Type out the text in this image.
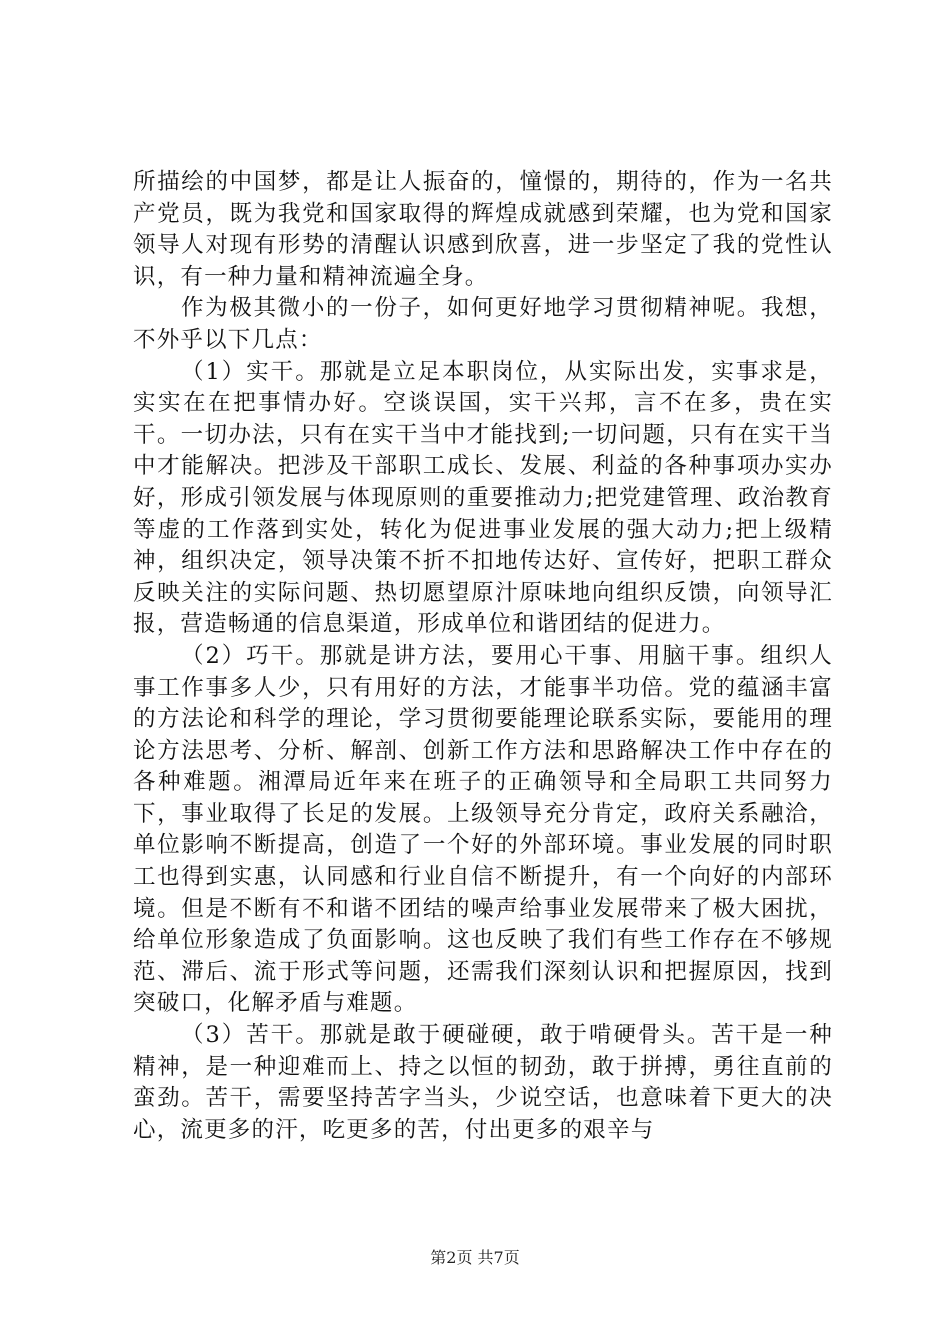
所描绘的中国梦，都是让人振奋的，憧憬的，期待的，作为一名共产党员，既为我党和国家取得的辉煌成就感到荣耀，也为党和国家领导人对现有形势的清醒认识感到欣喜，进一步坚定了我的党性认识，有一种力量和精神流遍全身。

作为极其微小的一份子，如何更好地学习贯彻精神呢。我想，不外乎以下几点：

（1）实干。那就是立足本职岗位，从实际出发，实事求是，实实在在把事情办好。空谈误国，实干兴邦，言不在多，贵在实干。一切办法，只有在实干当中才能找到;一切问题，只有在实干当中才能解决。把涉及干部职工成长、发展、利益的各种事项办实办好，形成引领发展与体现原则的重要推动力;把党建管理、政治教育等虚的工作落到实处，转化为促进事业发展的强大动力;把上级精神，组织决定，领导决策不折不扣地传达好、宣传好，把职工群众反映关注的实际问题、热切愿望原汁原味地向组织反馈，向领导汇报，营造畅通的信息渠道，形成单位和谐团结的促进力。

（2）巧干。那就是讲方法，要用心干事、用脑干事。组织人事工作事多人少，只有用好的方法，才能事半功倍。党的蕴涵丰富的方法论和科学的理论，学习贯彻要能理论联系实际，要能用的理论方法思考、分析、解剖、创新工作方法和思路解决工作中存在的各种难题。湘潭局近年来在班子的正确领导和全局职工共同努力下，事业取得了长足的发展。上级领导充分肯定，政府关系融洽，单位影响不断提高，创造了一个好的外部环境。事业发展的同时职工也得到实惠，认同感和行业自信不断提升，有一个向好的内部环境。但是不断有不和谐不团结的噪声给事业发展带来了极大困扰，给单位形象造成了负面影响。这也反映了我们有些工作存在不够规范、滞后、流于形式等问题，还需我们深刻认识和把握原因，找到突破口，化解矛盾与难题。

（3）苦干。那就是敢于硬碰硬，敢于啃硬骨头。苦干是一种精神，是一种迎难而上、持之以恒的韧劲，敢于拼搏，勇往直前的蛮劲。苦干，需要坚持苦字当头，少说空话，也意味着下更大的决心，流更多的汗，吃更多的苦，付出更多的艰辛与

第2页 共7页
